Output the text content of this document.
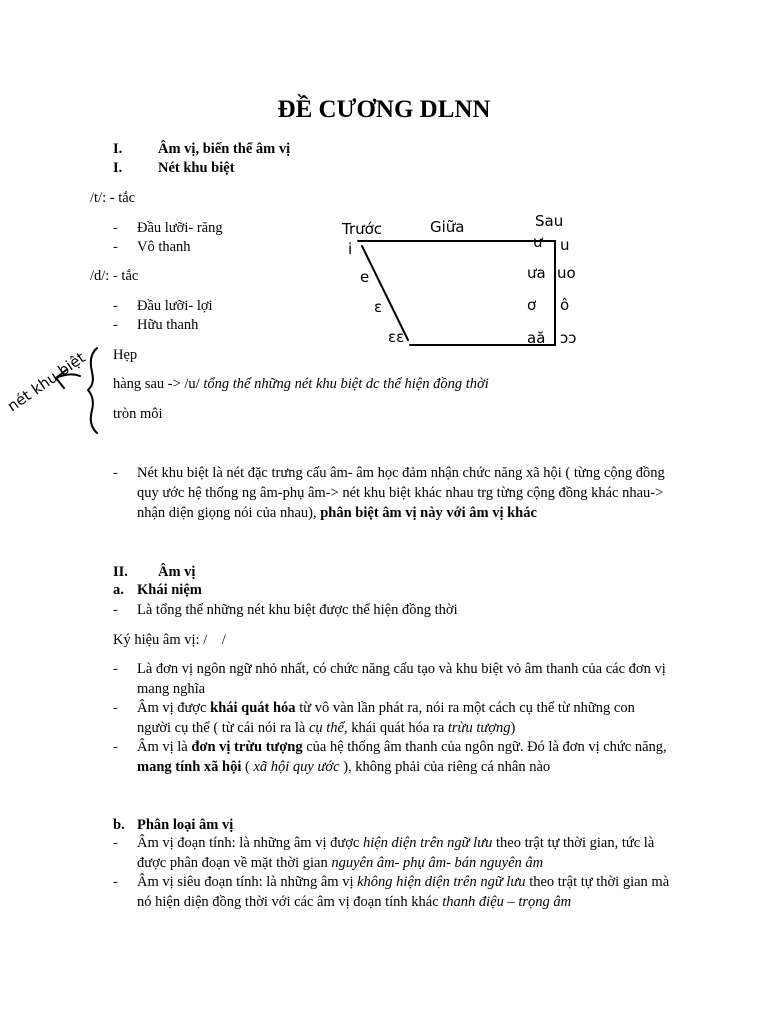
ĐỀ CƯƠNG DLNN
I. Âm vị, biến thể âm vị
I. Nét khu biệt
/t/: - tắc
- Đầu lưỡi- răng
- Vô thanh
/d/: - tắc
- Đầu lưỡi- lợi
- Hữu thanh
Hẹp
hàng sau -> /u/ tổng thể những nét khu biệt dc thể hiện đồng thời
tròn môi
- Nét khu biệt là nét đặc trưng cấu âm- âm học đảm nhận chức năng xã hội ( từng cộng đồng quy ước hệ thống ng âm-phụ âm-> nét khu biệt khác nhau trg từng cộng đồng khác nhau-> nhận diện giọng nói của nhau), phân biệt âm vị này với âm vị khác
II. Âm vị
a. Khái niệm
- Là tổng thể những nét khu biệt được thể hiện đồng thời
Ký hiệu âm vị: /    /
- Là đơn vị ngôn ngữ nhỏ nhất, có chức năng cấu tạo và khu biệt vỏ âm thanh của các đơn vị mang nghĩa
- Âm vị được khái quát hóa từ vô vàn lần phát ra, nói ra một cách cụ thể từ những con người cụ thể ( từ cái nói ra là cụ thể, khái quát hóa ra trừu tượng)
- Âm vị là đơn vị trừu tượng của hệ thống âm thanh của ngôn ngữ. Đó là đơn vị chức năng, mang tính xã hội ( xã hội quy ước ), không phải của riêng cá nhân nào
b. Phân loại âm vị
- Âm vị đoạn tính: là những âm vị được hiện diện trên ngữ lưu theo trật tự thời gian, tức là được phân đoạn về mặt thời gian nguyên âm- phụ âm- bán nguyên âm
- Âm vị siêu đoạn tính: là những âm vị không hiện diện trên ngữ lưu theo trật tự thời gian mà nó hiện diện đồng thời với các âm vị đoạn tính khác thanh điệu – trọng âm
Trước	Giữa	Sau
i
e
ɛ
ɛɛ
ư u
ưa uo
ơ ô
aă ɔɔ
nét khu biệt
